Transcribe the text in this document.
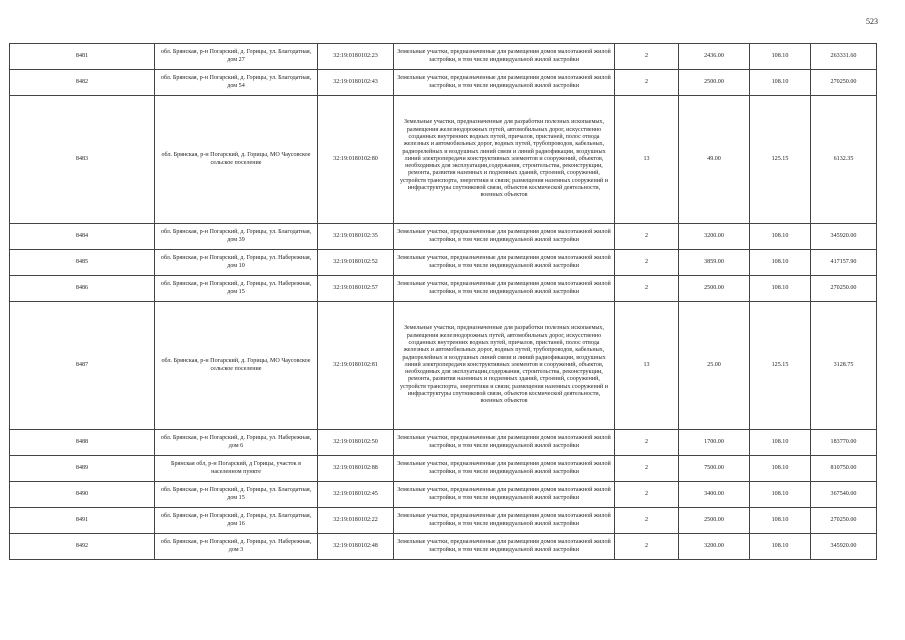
523
8481	обл. Брянская, р-н Погарский, д. Горицы, ул. Благодатная, дом 27	32:19:0180102:23	Земельные участки, предназначенные для размещения домов малоэтажной жилой застройки, в том числе индивидуальной жилой застройки	2	2436.00	108.10	263331.60
8482	обл. Брянская, р-н Погарский, д. Горицы, ул. Благодатная, дом 54	32:19:0180102:43	Земельные участки, предназначенные для размещения домов малоэтажной жилой застройки, в том числе индивидуальной жилой застройки	2	2500.00	108.10	270250.00
8483	обл. Брянская, р-н Погарский, д. Горицы, МО Чаусовское сельское поселение	32:19:0180102:80	Земельные участки, предназначенные для разработки полезных ископаемых, размещения железнодорожных путей, автомобильных дорог, искусственно созданных внутренних водных путей, причалов, пристаней, полос отвода железных и автомобильных дорог, водных путей, трубопроводов, кабельных, радиорелейных и воздушных линий связи и линий радиофикации, воздушных линий электропередачи конструктивных элементов и сооружений, объектов, необходимых для эксплуатации,содержания, строительства, реконструкции, ремонта, развития наземных и подземных зданий, строений, сооружений, устройств транспорта, энергетики и связи; размещения наземных сооружений и инфраструктуры спутниковой связи, объектов космической деятельности, военных объектов	13	49.00	125.15	6132.35
8484	обл. Брянская, р-н Погарский, д. Горицы, ул. Благодатная, дом 39	32:19:0180102:35	Земельные участки, предназначенные для размещения домов малоэтажной жилой застройки, в том числе индивидуальной жилой застройки	2	3200.00	108.10	345920.00
8485	обл. Брянская, р-н Погарский, д. Горицы, ул. Набережная, дом 10	32:19:0180102:52	Земельные участки, предназначенные для размещения домов малоэтажной жилой застройки, в том числе индивидуальной жилой застройки	2	3859.00	108.10	417157.90
8486	обл. Брянская, р-н Погарский, д. Горицы, ул. Набережная, дом 15	32:19:0180102:57	Земельные участки, предназначенные для размещения домов малоэтажной жилой застройки, в том числе индивидуальной жилой застройки	2	2500.00	108.10	270250.00
8487	обл. Брянская, р-н Погарский, д. Горицы, МО Чаусовское сельское поселение	32:19:0180102:81	Земельные участки, предназначенные для разработки полезных ископаемых, размещения железнодорожных путей, автомобильных дорог, искусственно созданных внутренних водных путей, причалов, пристаней, полос отвода железных и автомобильных дорог, водных путей, трубопроводов, кабельных, радиорелейных и воздушных линий связи и линий радиофикации, воздушных линий электропередачи конструктивных элементов и сооружений, объектов, необходимых для эксплуатации,содержания, строительства, реконструкции, ремонта, развития наземных и подземных зданий, строений, сооружений, устройств транспорта, энергетики и связи; размещения наземных сооружений и инфраструктуры спутниковой связи, объектов космической деятельности, военных объектов	13	25.00	125.15	3128.75
8488	обл. Брянская, р-н Погарский, д. Горицы, ул. Набережная, дом 6	32:19:0180102:50	Земельные участки, предназначенные для размещения домов малоэтажной жилой застройки, в том числе индивидуальной жилой застройки	2	1700.00	108.10	183770.00
8489	Брянская обл, р-н Погарский, д Горицы, участок в населенном пункте	32:19:0180102:88	Земельные участки, предназначенные для размещения домов малоэтажной жилой застройки, в том числе индивидуальной жилой застройки	2	7500.00	108.10	810750.00
8490	обл. Брянская, р-н Погарский, д. Горицы, ул. Благодатная, дом 15	32:19:0180102:45	Земельные участки, предназначенные для размещения домов малоэтажной жилой застройки, в том числе индивидуальной жилой застройки	2	3400.00	108.10	367540.00
8491	обл. Брянская, р-н Погарский, д. Горицы, ул. Благодатная, дом 16	32:19:0180102:22	Земельные участки, предназначенные для размещения домов малоэтажной жилой застройки, в том числе индивидуальной жилой застройки	2	2500.00	108.10	270250.00
8492	обл. Брянская, р-н Погарский, д. Горицы, ул. Набережная, дом 3	32:19:0180102:48	Земельные участки, предназначенные для размещения домов малоэтажной жилой застройки, в том числе индивидуальной жилой застройки	2	3200.00	108.10	345920.00
